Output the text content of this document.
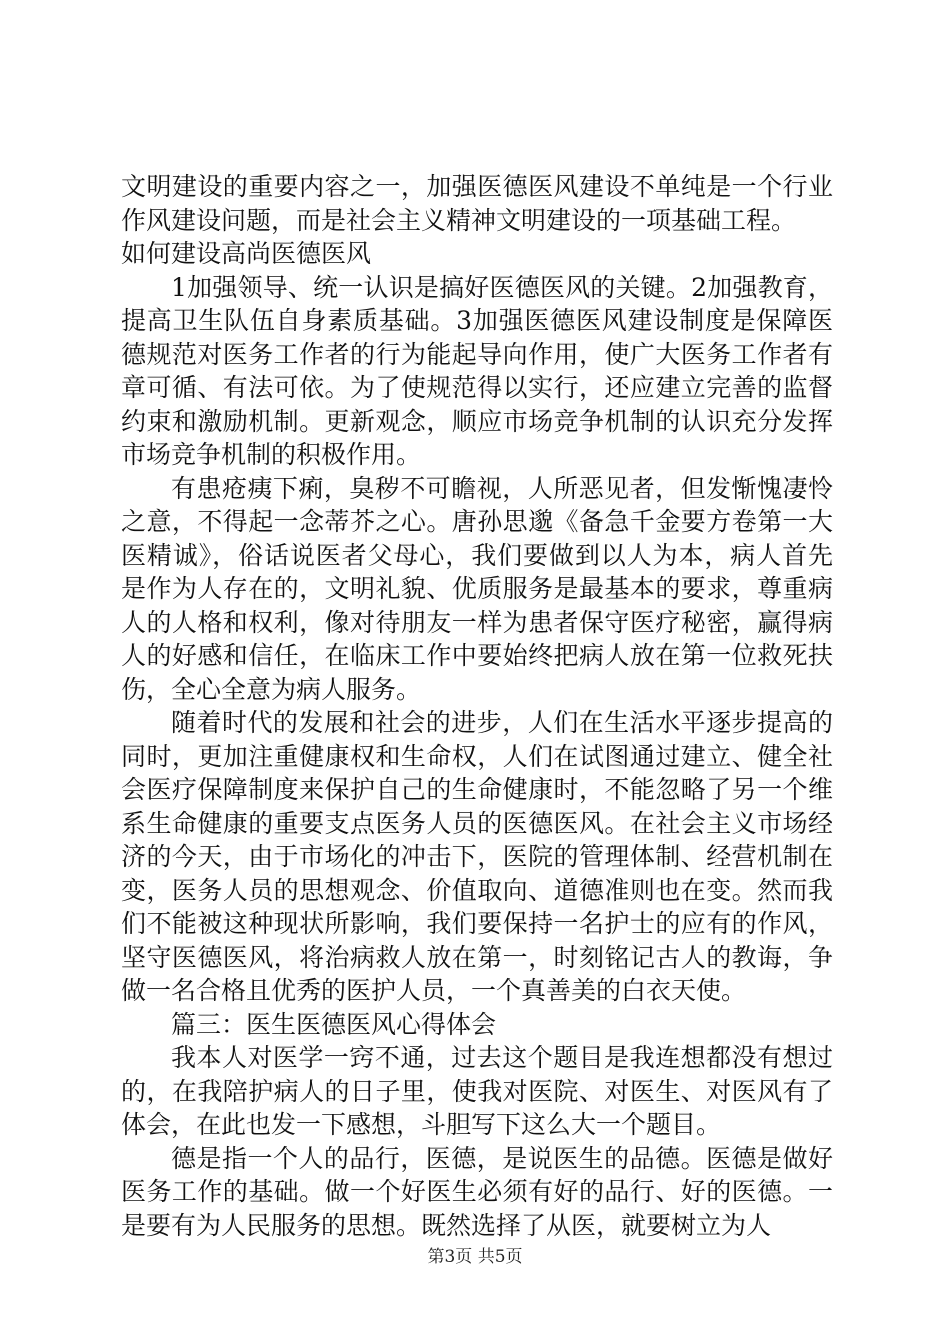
文明建设的重要内容之一，加强医德医风建设不单纯是一个行业作风建设问题，而是社会主义精神文明建设的一项基础工程。

如何建设高尚医德医风

1加强领导、统一认识是搞好医德医风的关键。2加强教育，提高卫生队伍自身素质基础。3加强医德医风建设制度是保障医德规范对医务工作者的行为能起导向作用，使广大医务工作者有章可循、有法可依。为了使规范得以实行，还应建立完善的监督约束和激励机制。更新观念，顺应市场竞争机制的认识充分发挥市场竞争机制的积极作用。

有患疮痍下痢，臭秽不可瞻视，人所恶见者，但发惭愧凄怜之意，不得起一念蒂芥之心。唐孙思邈《备急千金要方卷第一大医精诚》，俗话说医者父母心，我们要做到以人为本，病人首先是作为人存在的，文明礼貌、优质服务是最基本的要求，尊重病人的人格和权利，像对待朋友一样为患者保守医疗秘密，赢得病人的好感和信任，在临床工作中要始终把病人放在第一位救死扶伤，全心全意为病人服务。

随着时代的发展和社会的进步，人们在生活水平逐步提高的同时，更加注重健康权和生命权，人们在试图通过建立、健全社会医疗保障制度来保护自己的生命健康时，不能忽略了另一个维系生命健康的重要支点医务人员的医德医风。在社会主义市场经济的今天，由于市场化的冲击下，医院的管理体制、经营机制在变，医务人员的思想观念、价值取向、道德准则也在变。然而我们不能被这种现状所影响，我们要保持一名护士的应有的作风，坚守医德医风，将治病救人放在第一，时刻铭记古人的教诲，争做一名合格且优秀的医护人员，一个真善美的白衣天使。

篇三：医生医德医风心得体会

我本人对医学一窍不通，过去这个题目是我连想都没有想过的，在我陪护病人的日子里，使我对医院、对医生、对医风有了体会，在此也发一下感想，斗胆写下这么大一个题目。

德是指一个人的品行，医德，是说医生的品德。医德是做好医务工作的基础。做一个好医生必须有好的品行、好的医德。一是要有为人民服务的思想。既然选择了从医，就要树立为人

第3页 共5页
